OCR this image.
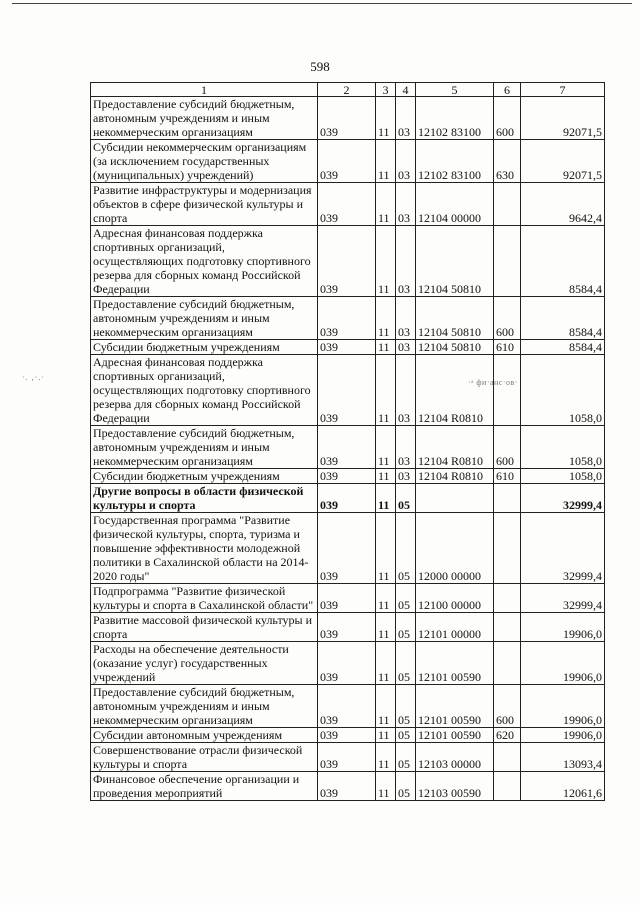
598
·. ,·.·
1	2	3	4	5	6	7
Предоставление субсидий бюджетным, автономным учреждениям и иным некоммерческим организациям	039	11	03	12102 83100	600	92071,5
Субсидии некоммерческим организациям (за исключением государственных (муниципальных) учреждений)	039	11	03	12102 83100	630	92071,5
Развитие инфраструктуры и модернизация объектов в сфере физической культуры и спорта	039	11	03	12104 00000		9642,4
Адресная финансовая поддержка спортивных организаций, осуществляющих подготовку спортивного резерва для сборных команд Российской Федерации	039	11	03	12104 50810		8584,4
Предоставление субсидий бюджетным, автономным учреждениям и иным некоммерческим организациям	039	11	03	12104 50810	600	8584,4
Субсидии бюджетным учреждениям	039	11	03	12104 50810	610	8584,4
Адресная финансовая поддержка спортивных организаций, осуществляющих подготовку спортивного резерва для сборных команд Российской Федерации	039	11	03	12104 R0810		1058,0
Предоставление субсидий бюджетным, автономным учреждениям и иным некоммерческим организациям	039	11	03	12104 R0810	600	1058,0
Субсидии бюджетным учреждениям	039	11	03	12104 R0810	610	1058,0
Другие вопросы в области физической культуры и спорта	039	11	05			32999,4
Государственная программа "Развитие физической культуры, спорта, туризма и повышение эффективности молодежной политики в Сахалинской области на 2014-2020 годы"	039	11	05	12000 00000		32999,4
Подпрограмма "Развитие физической культуры и спорта в Сахалинской области"	039	11	05	12100 00000		32999,4
Развитие массовой физической культуры и спорта	039	11	05	12101 00000		19906,0
Расходы на обеспечение деятельности (оказание услуг) государственных учреждений	039	11	05	12101 00590		19906,0
Предоставление субсидий бюджетным, автономным учреждениям и иным некоммерческим организациям	039	11	05	12101 00590	600	19906,0
Субсидии автономным учреждениям	039	11	05	12101 00590	620	19906,0
Совершенствование отрасли физической культуры и спорта	039	11	05	12103 00000		13093,4
Финансовое обеспечение организации и проведения мероприятий	039	11	05	12103 00590		12061,6
·ᵃ фи·анс·ов·
